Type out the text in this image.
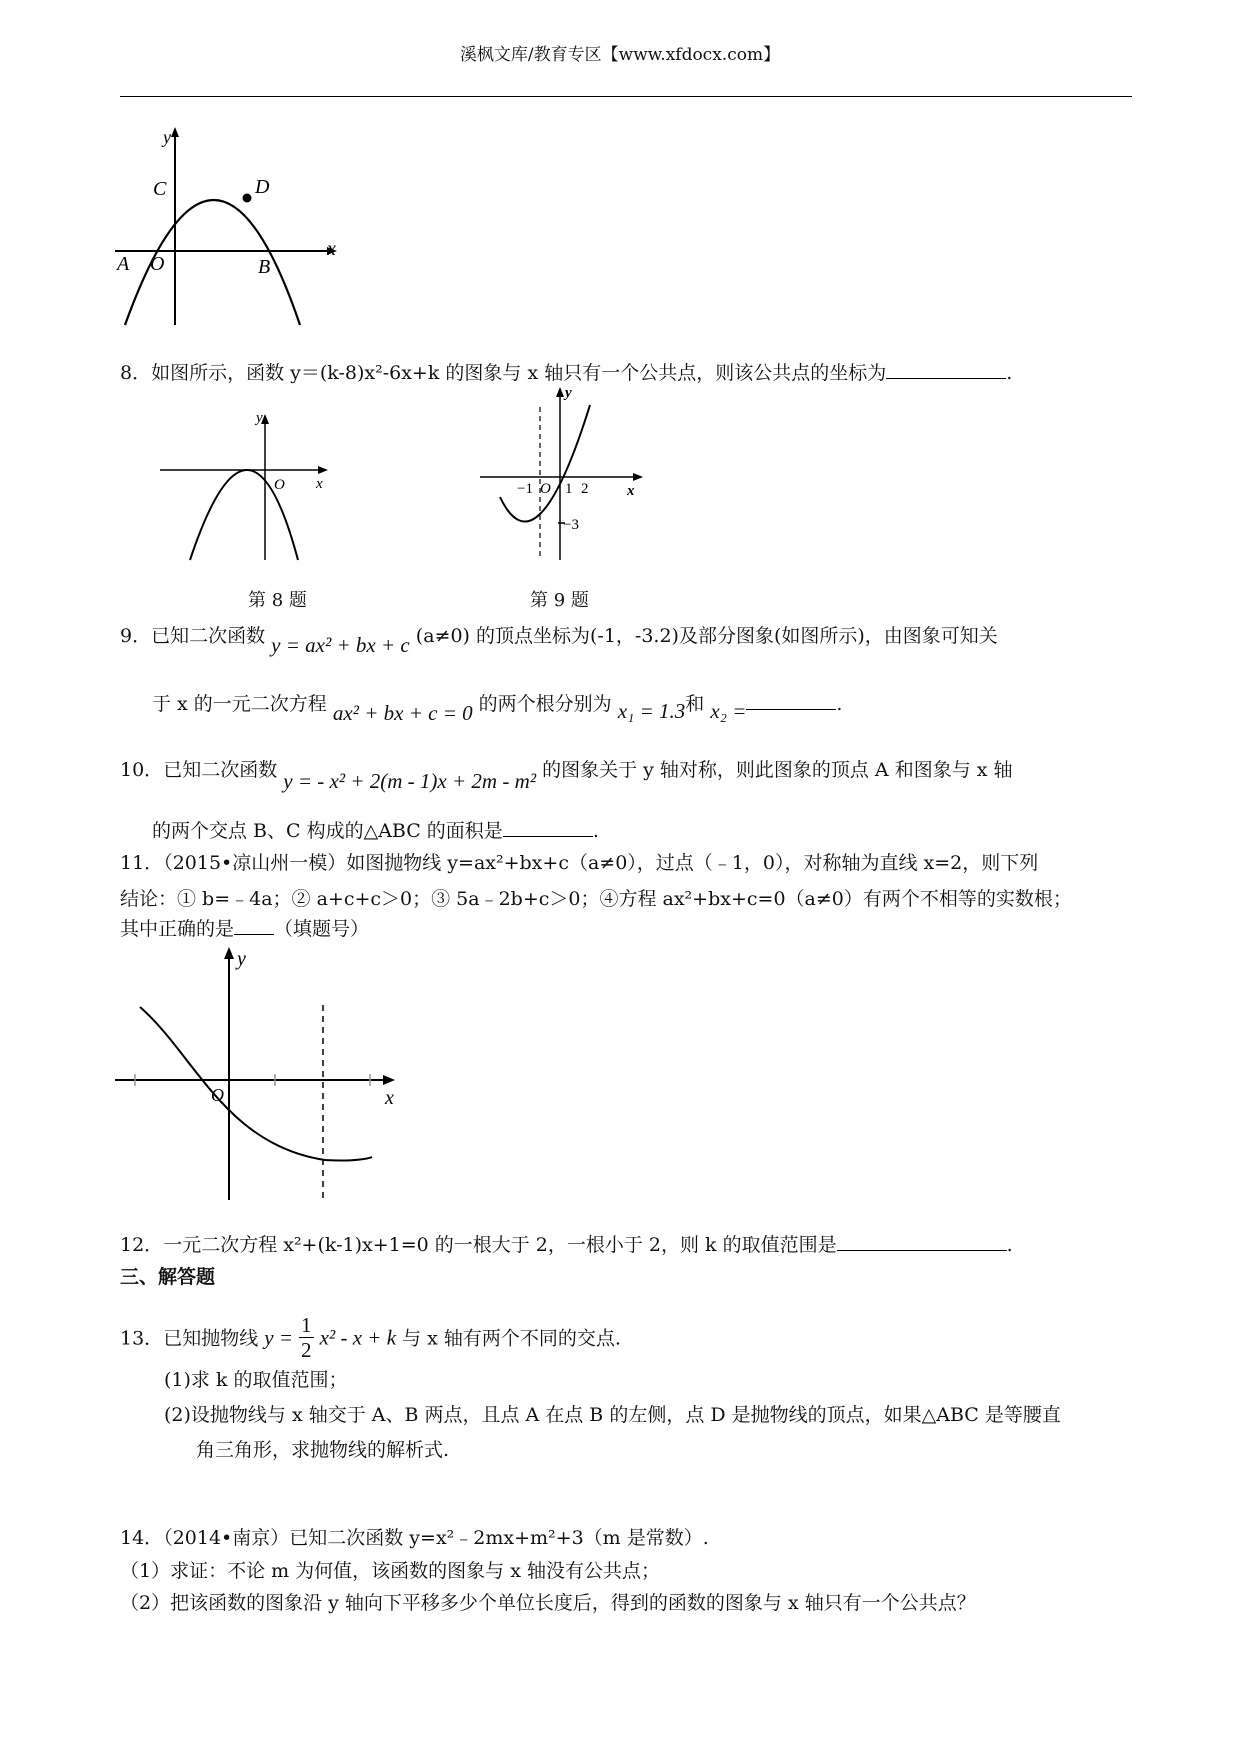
溪枫文库/教育专区【www.xfdocx.com】
y
x
A O	B
C	D
8．如图所示，函数 y＝(k-8)x²-6x+k 的图象与 x 轴只有一个公共点，则该公共点的坐标为	.
y
x
O
第 8 题
y
x
−1 O 1 2
−3
第 9 题
9．已知二次函数 y = ax² + bx + c (a≠0) 的顶点坐标为(-1，-3.2)及部分图象(如图所示)，由图象可知关
于 x 的一元二次方程 ax² + bx + c = 0 的两个根分别为 x₁ = 1.3和 x₂ =	.
10．已知二次函数 y = - x² + 2(m - 1)x + 2m - m² 的图象关于 y 轴对称，则此图象的顶点 A 和图象与 x 轴
的两个交点 B、C 构成的△ABC 的面积是	.
11．（2015•凉山州一模）如图抛物线 y=ax²+bx+c（a≠0），过点（﹣1，0），对称轴为直线 x=2，则下列
结论：① b=﹣4a；② a+c+c＞0；③ 5a﹣2b+c＞0；④方程 ax²+bx+c=0（a≠0）有两个不相等的实数根；
其中正确的是 （填题号）
y
x
O
12．一元二次方程 x²+(k-1)x+1=0 的一根大于 2，一根小于 2，则 k 的取值范围是	.
三、解答题
13．已知抛物线 $y = \frac{1}{2} x^2 - x + k$ 与 x 轴有两个不同的交点.
(1)求 k 的取值范围；
(2)设抛物线与 x 轴交于 A、B 两点，且点 A 在点 B 的左侧，点 D 是抛物线的顶点，如果△ABC 是等腰直
角三角形，求抛物线的解析式.
14．（2014•南京）已知二次函数 y=x²﹣2mx+m²+3（m 是常数）.
（1）求证：不论 m 为何值，该函数的图象与 x 轴没有公共点；
（2）把该函数的图象沿 y 轴向下平移多少个单位长度后，得到的函数的图象与 x 轴只有一个公共点？
